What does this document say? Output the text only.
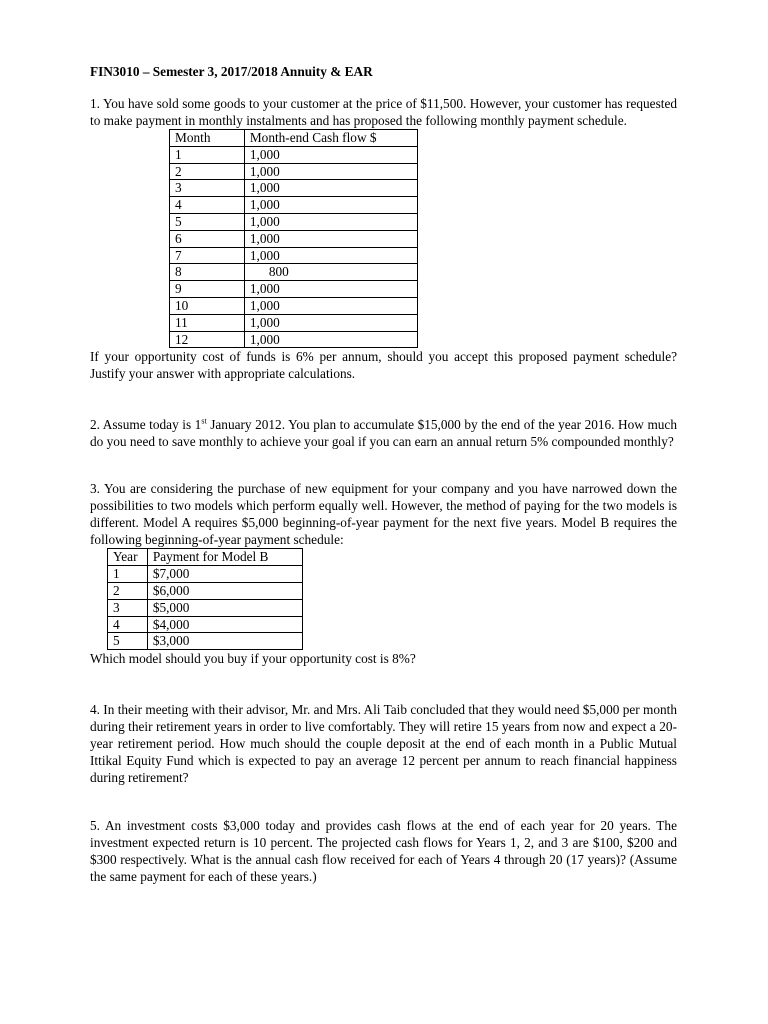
FIN3010 – Semester 3, 2017/2018 Annuity & EAR

1. You have sold some goods to your customer at the price of $11,500. However, your customer has requested to make payment in monthly instalments and has proposed the following monthly payment schedule.

Month	Month-end Cash flow $
1	1,000
2	1,000
3	1,000
4	1,000
5	1,000
6	1,000
7	1,000
8	800
9	1,000
10	1,000
11	1,000
12	1,000

If your opportunity cost of funds is 6% per annum, should you accept this proposed payment schedule? Justify your answer with appropriate calculations.

2. Assume today is 1st January 2012. You plan to accumulate $15,000 by the end of the year 2016. How much do you need to save monthly to achieve your goal if you can earn an annual return 5% compounded monthly?

3. You are considering the purchase of new equipment for your company and you have narrowed down the possibilities to two models which perform equally well. However, the method of paying for the two models is different. Model A requires $5,000 beginning-of-year payment for the next five years. Model B requires the following beginning-of-year payment schedule:

Year	Payment for Model B
1	$7,000
2	$6,000
3	$5,000
4	$4,000
5	$3,000

Which model should you buy if your opportunity cost is 8%?

4. In their meeting with their advisor, Mr. and Mrs. Ali Taib concluded that they would need $5,000 per month during their retirement years in order to live comfortably. They will retire 15 years from now and expect a 20-year retirement period. How much should the couple deposit at the end of each month in a Public Mutual Ittikal Equity Fund which is expected to pay an average 12 percent per annum to reach financial happiness during retirement?

5. An investment costs $3,000 today and provides cash flows at the end of each year for 20 years. The investment expected return is 10 percent. The projected cash flows for Years 1, 2, and 3 are $100, $200 and $300 respectively. What is the annual cash flow received for each of Years 4 through 20 (17 years)? (Assume the same payment for each of these years.)
